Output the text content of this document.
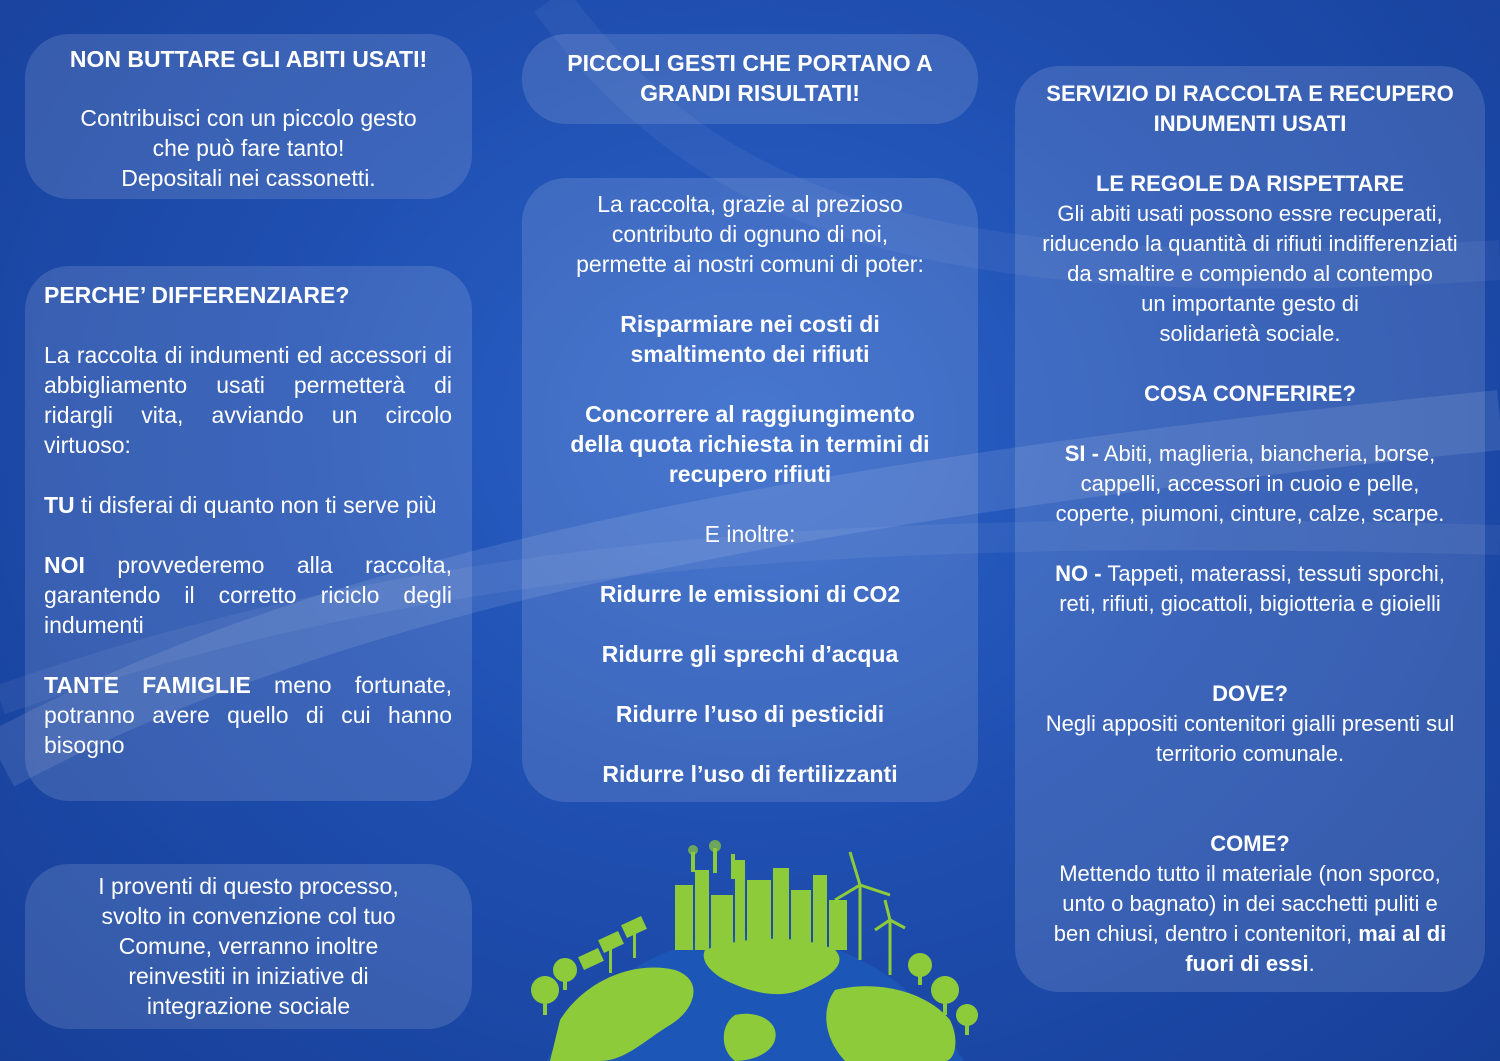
NON BUTTARE GLI ABITI USATI!

Contribuisci con un piccolo gesto

che può fare tanto!

Depositali nei cassonetti.

PERCHE’ DIFFERENZIARE?

La raccolta di indumenti ed accessori di abbigliamento usati permetterà di ridargli vita, avviando un circolo virtuoso:

TU ti disferai di quanto non ti serve più

NOI provvederemo alla raccolta, garantendo il corretto riciclo degli indumenti

TANTE FAMIGLIE meno fortunate, potranno avere quello di cui hanno bisogno

I proventi di questo processo,

svolto in convenzione col tuo

Comune, verranno inoltre

reinvestiti in iniziative di

integrazione sociale

PICCOLI GESTI CHE PORTANO A

GRANDI RISULTATI!

La raccolta, grazie al prezioso

contributo di ognuno di noi,

permette ai nostri comuni di poter:

Risparmiare nei costi di

smaltimento dei rifiuti

Concorrere al raggiungimento

della quota richiesta in termini di

recupero rifiuti

E inoltre:

Ridurre le emissioni di CO2

Ridurre gli sprechi d’acqua

Ridurre l’uso di pesticidi

Ridurre l’uso di fertilizzanti

SERVIZIO DI RACCOLTA E RECUPERO

INDUMENTI USATI

LE REGOLE DA RISPETTARE

Gli abiti usati possono essre recuperati,

riducendo la quantità di rifiuti indifferenziati

da smaltire e compiendo al contempo

un importante gesto di

solidarietà sociale.

COSA CONFERIRE?

SI - Abiti, maglieria, biancheria, borse,

cappelli, accessori in cuoio e pelle,

coperte, piumoni, cinture, calze, scarpe.

NO - Tappeti, materassi, tessuti sporchi,

reti, rifiuti, giocattoli, bigiotteria e gioielli

DOVE?

Negli appositi contenitori gialli presenti sul

territorio comunale.

COME?

Mettendo tutto il materiale (non sporco,

unto o bagnato) in dei sacchetti puliti e

ben chiusi, dentro i contenitori, mai al di

fuori di essi.
